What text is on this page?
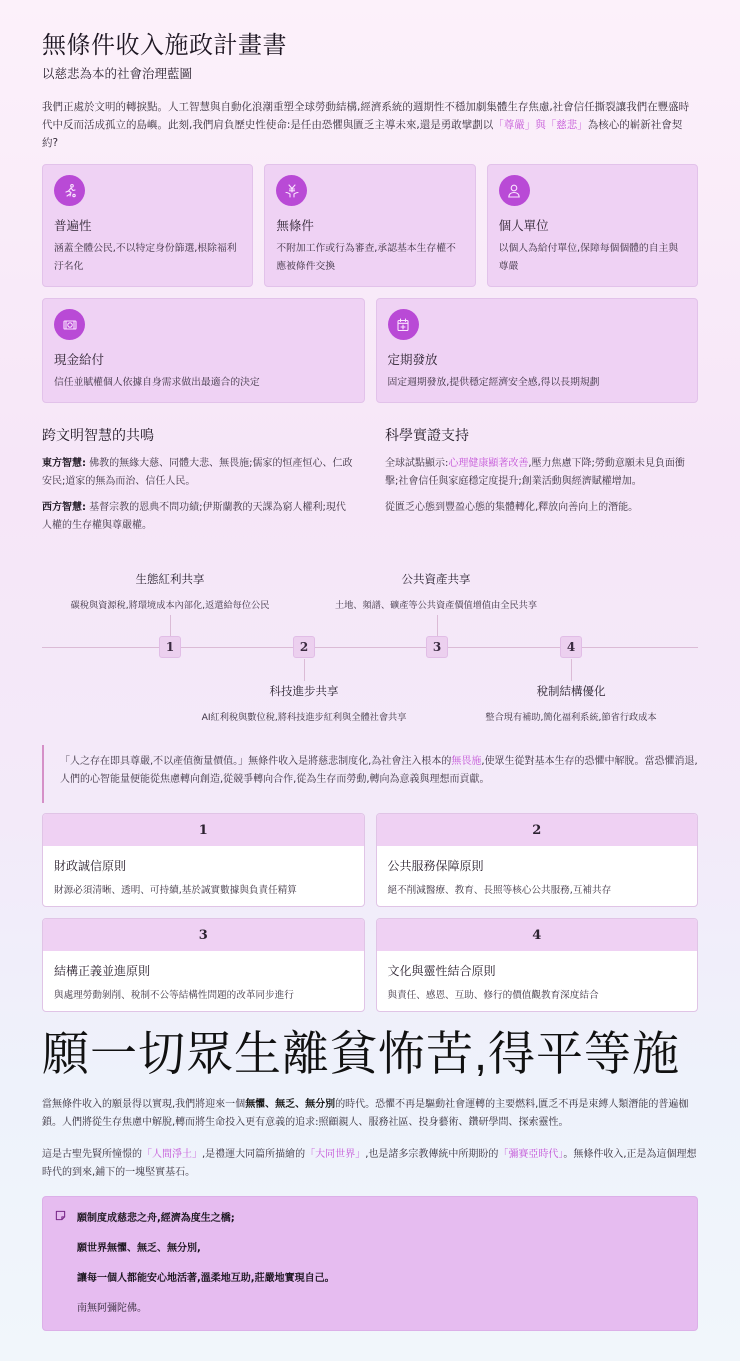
無條件收入施政計畫書
以慈悲為本的社會治理藍圖

我們正處於文明的轉捩點。人工智慧與自動化浪潮重塑全球勞動結構,經濟系統的週期性不穩加劇集體生存焦慮,社會信任撕裂讓我們在豐盛時代中反而活成孤立的島嶼。此刻,我們肩負歷史性使命:是任由恐懼與匱乏主導未來,還是勇敢擘劃以「尊嚴」與「慈悲」為核心的嶄新社會契約?

普遍性
涵蓋全體公民,不以特定身份篩選,根除福利汙名化
無條件
不附加工作或行為審查,承認基本生存權不應被條件交換
個人單位
以個人為給付單位,保障每個個體的自主與尊嚴
現金給付
信任並賦權個人依據自身需求做出最適合的決定
定期發放
固定週期發放,提供穩定經濟安全感,得以長期規劃
跨文明智慧的共鳴

東方智慧: 佛教的無緣大慈、同體大悲、無畏施;儒家的恒產恒心、仁政安民;道家的無為而治、信任人民。

西方智慧: 基督宗教的恩典不問功績;伊斯蘭教的天課為窮人權利;現代人權的生存權與尊嚴權。

科學實證支持

全球試點顯示:心理健康顯著改善,壓力焦慮下降;勞動意願未見負面衝擊;社會信任與家庭穩定度提升;創業活動與經濟賦權增加。

從匱乏心態到豐盈心態的集體轉化,釋放向善向上的潛能。

生態紅利共享
碳稅與資源稅,將環境成本內部化,返還給每位公民
1	2
科技進步共享
AI紅利稅與數位稅,將科技進步紅利與全體社會共享
公共資產共享
土地、頻譜、礦產等公共資產價值增值由全民共享
3	4
稅制結構優化
整合現有補助,簡化福利系統,節省行政成本
「人之存在即具尊嚴,不以產值衡量價值。」無條件收入是將慈悲制度化,為社會注入根本的無畏施,使眾生從對基本生存的恐懼中解脫。當恐懼消退,人們的心智能量便能從焦慮轉向創造,從競爭轉向合作,從為生存而勞動,轉向為意義與理想而貢獻。
1
財政誠信原則
財源必須清晰、透明、可持續,基於誠實數據與負責任精算
2
公共服務保障原則
絕不削減醫療、教育、長照等核心公共服務,互補共存
3
結構正義並進原則
與處理勞動剝削、稅制不公等結構性問題的改革同步進行
4
文化與靈性結合原則
與責任、感恩、互助、修行的價值觀教育深度結合
願一切眾生離貧怖苦,得平等施

當無條件收入的願景得以實現,我們將迎來一個無懼、無乏、無分別的時代。恐懼不再是驅動社會運轉的主要燃料,匱乏不再是束縛人類潛能的普遍枷鎖。人們將從生存焦慮中解脫,轉而將生命投入更有意義的追求:照顧親人、服務社區、投身藝術、鑽研學問、探索靈性。

這是古聖先賢所憧憬的「人間淨土」,是禮運大同篇所描繪的「大同世界」,也是諸多宗教傳統中所期盼的「彌賽亞時代」。無條件收入,正是為這個理想時代的到來,鋪下的一塊堅實基石。

願制度成慈悲之舟,經濟為度生之橋;
願世界無懼、無乏、無分別,
讓每一個人都能安心地活著,溫柔地互助,莊嚴地實現自己。
南無阿彌陀佛。
